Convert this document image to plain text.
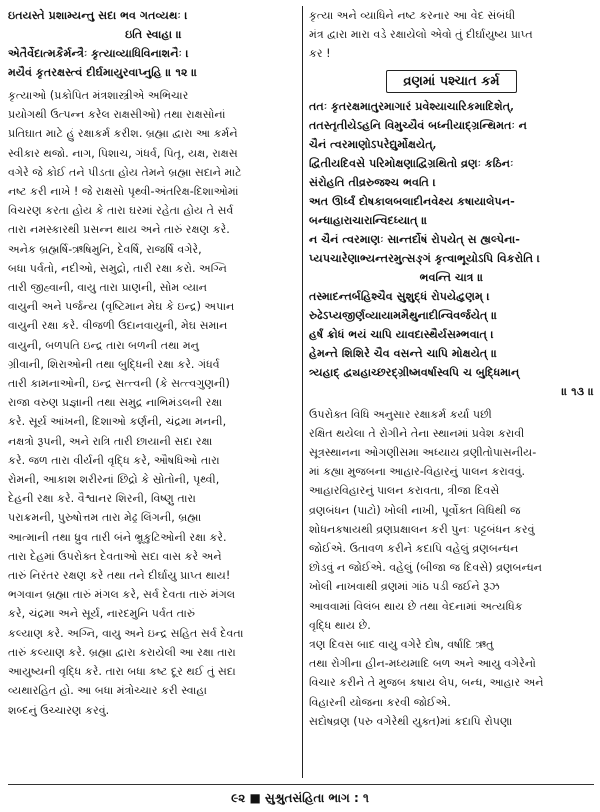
ઇતયસ્તે પ્રશામ્યન્તુ સદા ભવ ગતવ્યથઃ ।
ઇતિ સ્વાહા ॥
એતૈર્વેદાત્મકૈર્મન્ત્રૈઃ કૃત્યાવ્યાધિવિનાશનૈઃ ।
મયૈવં કૃતરક્ષસ્ત્વં દીર્ઘમાયુરવાપ્નુહિ ॥ ૧૨ ॥
કૃત્યાઓ (પ્રકોપિત મંત્રશાસ્ત્રીએ અભિચાર
પ્રયોગથી ઉત્પન્ન કરેલ રાક્ષસીઓ) તથા રાક્ષસોનાં
પ્રતિઘાત માટે હું રક્ષાકર્મ કરીશ. બ્રહ્મા દ્વારા આ કર્મને
સ્વીકાર થજો. નાગ, પિશાચ, ગંધર્વ, પિતૃ, યક્ષ, રાક્ષસ
વગેરે જે કોઈ તને પીડતા હોય તેમને બ્રહ્મા સદાને માટે
નષ્ટ કરી નાખે ! જે રાક્ષસો પૃથ્વી-અંતરિક્ષ-દિશાઓમાં
વિચરણ કરતા હોય કે તારા ઘરમાં રહેતા હોય તે સર્વ
તારા નમસ્કારથી પ્રસન્ન થાય અને તારું રક્ષણ કરે.
અનેક બ્રહ્મર્ષિ-ઋષિમુનિ, દેવર્ષિ, રાજર્ષિ વગેરે,
બધા પર્વતો, નદીઓ, સમુદ્રો, તારી રક્ષા કરો. અગ્નિ
તારી જીહ્વાની, વાયુ તારા પ્રાણની, સોમ વ્યાન
વાયુની અને પર્જન્ય (વૃષ્ટિમાન મેઘ કે ઇન્દ્ર) અપાન
વાયુની રક્ષા કરે. વીજળી ઉદાનવાયુની, મેઘ સમાન
વાયુની, બળપતિ ઇન્દ્ર તારા બળની તથા મનુ
ગ્રીવાની, શિરાઓની તથા બુદ્ધિની રક્ષા કરે. ગંધર્વ
તારી કામનાઓની, ઇન્દ્ર સત્ત્વની (કે સત્ત્વગુણની)
રાજા વરુણ પ્રજ્ઞાની તથા સમુદ્ર નાભિમંડલની રક્ષા
કરે. સૂર્ય આંખની, દિશાઓ કર્ણની, ચંદ્રમા મનની,
નક્ષત્રો રૂપની, અને રાત્રિ તારી છાયાની સદા રક્ષા
કરે. જળ તારા વીર્યની વૃદ્ધિ કરે, ઔષધિઓ તારા
રોમની, આકાશ શરીરનાં છિદ્રો કે સ્રોતોની, પૃથ્વી,
દેહની રક્ષા કરે. વૈશ્વાનર શિરની, વિષ્ણુ તારા
પરાક્રમની, પુરુષોત્તમ તારા મેઢ્ર લિંગની, બ્રહ્મા
આત્માની તથા ધ્રુવ તારી બંને ભ્રૂકુટિઓની રક્ષા કરે.
તારા દેહમાં ઉપરોક્ત દેવતાઓ સદા વાસ કરે અને
તારું નિરંતર રક્ષણ કરે તથા તને દીર્ઘાયુ પ્રાપ્ત થાય!
ભગવાન બ્રહ્મા તારું મંગલ કરે, સર્વ દેવતા તારું મંગલ
કરે, ચંદ્રમા અને સૂર્ય, નારદમુનિ પર્વત તારું
કલ્યાણ કરે. અગ્નિ, વાયુ અને ઇન્દ્ર સહિત સર્વ દેવતા
તારું કલ્યાણ કરે. બ્રહ્મા દ્વારા કરાયેલી આ રક્ષા તારા
આયુષ્યની વૃદ્ધિ કરે. તારા બધા કષ્ટ દૂર થઈ તું સદા
વ્યથારહિત હો. આ બધા મંત્રોચ્ચાર કરી સ્વાહા
શબ્દનું ઉચ્ચારણ કરવું.
કૃત્યા અને વ્યાધિને નષ્ટ કરનાર આ વેદ સંબંધી
મંત્ર દ્વારા મારા વડે રક્ષાયેલો એવો તું દીર્ઘાયુષ્ય પ્રાપ્ત
કર !
વ્રણમાં પશ્ચાત કર્મ
તતઃ કૃતરક્ષમાતુરમાગારં પ્રવેશ્યાચારિકમાદિશેત્,
તતસ્તૃતીયેઽહનિ વિમુચ્યૈવં બધ્નીયાદ્‌ગ્રન્થિમતઃ ન
ચૈનં ત્વરમાણોઽપરેદ્યુર્મોક્ષયેત્,
દ્વિતીયદિવસે પરિમોક્ષણાદ્વિગ્રથિતો વ્રણઃ કઠિનઃ
સંરોહતિ તીવ્રરુજશ્ચ ભવતિ ।
અત ઊર્ધ્વં દોષકાલબલાદીનવેક્ષ્ય કષાયાલેપન-
બન્ધાહારાચારાન્વિદધ્યાત્ ॥
ન ચૈનં ત્વરમાણઃ સાન્તર્દોષં રોપયેત્ સ હ્યલ્પેના-
પ્યપચારેણાભ્યન્તરમુત્સઙ્ગં કૃત્વાભૂયોઽપિ વિકરોતિ ।
ભવન્તિ ચાત્ર ॥
તસ્માદન્તર્બહિશ્ચૈવ સુશુદ્ધં રોપયેદ્વ્રણમ્ ।
રુઢેઽપ્યજીર્ણવ્યાયામમૈથુનાદીન્વિવર્જયેત્ ॥
હર્ષં ક્રોધં ભયં ચાપિ યાવદાસ્થૈર્યસમ્ભવાત્ ।
હેમન્તે શિશિરે ચૈવ વસન્તે ચાપિ મોક્ષયેત્ ॥
ત્ર્યહાદ્ દ્વ્યહાચ્છરદ્ગ્રીષ્મવર્ષાસ્વપિ ચ બુદ્ધિમાન્
॥ ૧૩ ॥
ઉપરોક્ત વિધિ અનુસાર રક્ષાકર્મ કર્યા પછી
રક્ષિત થયેલા તે રોગીને તેના સ્થાનમાં પ્રવેશ કરાવી
સૂત્રસ્થાનના ઓગણીસમા અધ્યાય વ્રણીતોપાસનીય-
માં કહ્યા મુજબના આહાર-વિહારનું પાલન કરાવવું.
આહારવિહારનું પાલન કરાવતા, ત્રીજા દિવસે
વ્રણબંધન (પાટો) ખોલી નાખી, પૂર્વોક્ત વિધિથી જ
શોધનકષાયથી વ્રણપ્રક્ષાલન કરી પુનઃ પટ્ટબંધન કરવું
જોઈએ. ઉતાવળ કરીને કદાપિ વહેલું વ્રણબન્ધન
છોડવું ન જોઈએ. વહેલું (બીજા જ દિવસે) વ્રણબન્ધન
ખોલી નાખવાથી વ્રણમાં ગાંઠ પડી જઈને રૂઝ
આવવામાં વિલંબ થાય છે તથા વેદનામાં અત્યધિક
વૃદ્ધિ થાય છે.
ત્રણ દિવસ બાદ વાયુ વગેરે દોષ, વર્ષાદિ ઋતુ
તથા રોગીના હીન-મધ્યમાદિ બળ અને આયુ વગેરેનો
વિચાર કરીને તે મુજબ કષાય લેપ, બન્ધ, આહાર અને
વિહારની યોજના કરવી જોઈએ.
સદોષવ્રણ (પરુ વગેરેથી યુક્ત)માં કદાપિ રોપણા
૯૨ ■ સુશ્રુતસંહિતા ભાગ : ૧
